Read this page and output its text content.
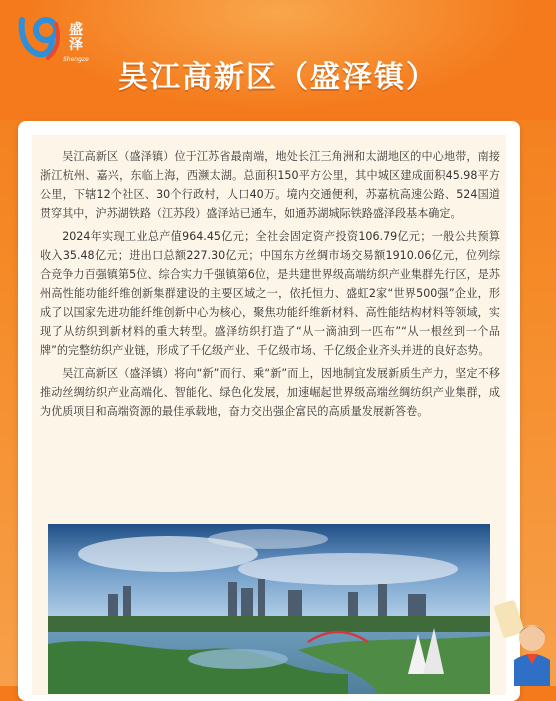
盛泽
Shengze
吴江高新区（盛泽镇）

吴江高新区（盛泽镇）位于江苏省最南端，地处长江三角洲和太湖地区的中心地带，南接浙江杭州、嘉兴，东临上海，西濒太湖。总面积150平方公里，其中城区建成面积45.98平方公里，下辖12个社区、30个行政村，人口40万。境内交通便利，苏嘉杭高速公路、524国道贯穿其中，沪苏湖铁路（江苏段）盛泽站已通车，如通苏湖城际铁路盛泽段基本确定。

2024年实现工业总产值964.45亿元；全社会固定资产投资106.79亿元；一般公共预算收入35.48亿元；进出口总额227.30亿元；中国东方丝绸市场交易额1910.06亿元，位列综合竞争力百强镇第5位、综合实力千强镇第6位，是共建世界级高端纺织产业集群先行区，是苏州高性能功能纤维创新集群建设的主要区域之一，依托恒力、盛虹2家“世界500强”企业，形成了以国家先进功能纤维创新中心为核心，聚焦功能纤维新材料、高性能结构材料等领域，实现了从纺织到新材料的重大转型。盛泽纺织打造了“从一滴油到一匹布”“从一根丝到一个品牌”的完整纺织产业链，形成了千亿级产业、千亿级市场、千亿级企业齐头并进的良好态势。

吴江高新区（盛泽镇）将向“新”而行、乘“新”而上，因地制宜发展新质生产力，坚定不移推动丝绸纺织产业高端化、智能化、绿色化发展，加速崛起世界级高端丝绸纺织产业集群，成为优质项目和高端资源的最佳承载地，奋力交出强企富民的高质量发展新答卷。
